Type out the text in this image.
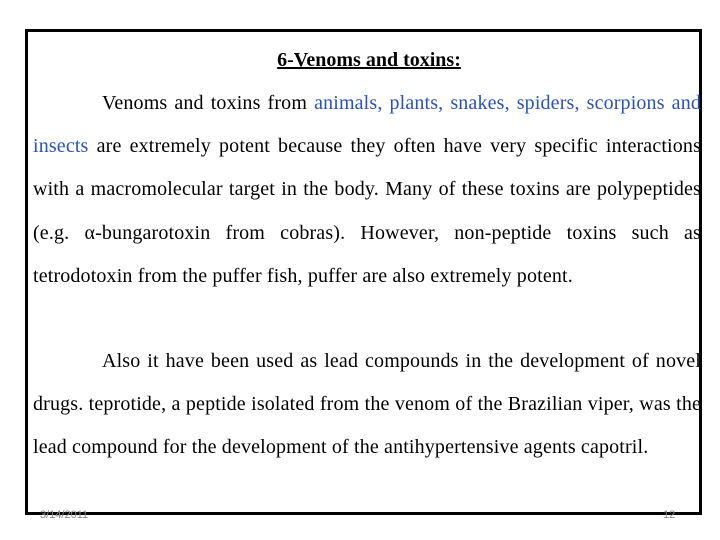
6-Venoms and toxins:

Venoms and toxins from animals, plants, snakes, spiders, scorpions and insects are extremely potent because they often have very specific interactions with a macromolecular target in the body. Many of these toxins are polypeptides (e.g. α-bungarotoxin from cobras). However, non-peptide toxins such as tetrodotoxin from the puffer fish, puffer are also extremely potent.

Also it have been used as lead compounds in the development of novel drugs. teprotide, a peptide isolated from the venom of the Brazilian viper, was the lead compound for the development of the antihypertensive agents capotril.

3/14/2011	12
